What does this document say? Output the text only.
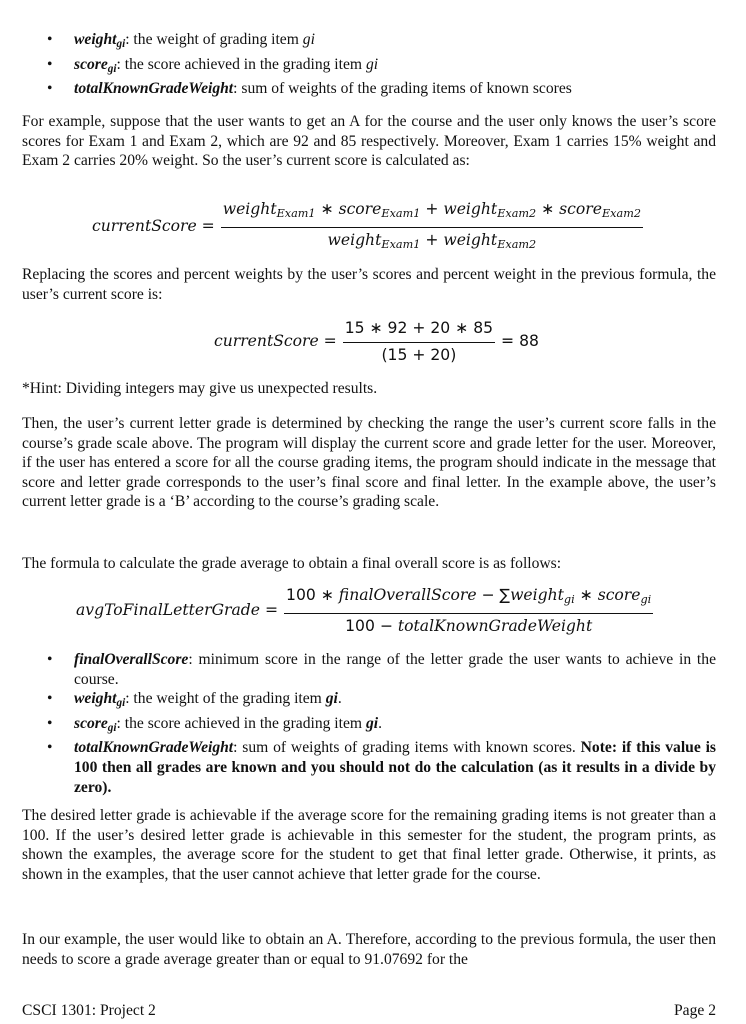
• weight$_{gi}$: the weight of grading item gi
• score$_{gi}$: the score achieved in the grading item gi
• totalKnownGradeWeight: sum of weights of the grading items of known scores
For example, suppose that the user wants to get an A for the course and the user only knows the user’s score scores for Exam 1 and Exam 2, which are 92 and 85 respectively. Moreover, Exam 1 carries 15% weight and Exam 2 carries 20% weight. So the user’s current score is calculated as:
currentScore = $\frac{weight_{Exam1} ∗ score_{Exam1} + weight_{Exam2} ∗ score_{Exam2}}{weight_{Exam1} + weight_{Exam2}}$
Replacing the scores and percent weights by the user’s scores and percent weight in the previous formula, the user’s current score is:
currentScore = $\frac{15 ∗ 92 + 20 ∗ 85}{(15 + 20)} = 88$
*Hint: Dividing integers may give us unexpected results.
Then, the user’s current letter grade is determined by checking the range the user’s current score falls in the course’s grade scale above. The program will display the current score and grade letter for the user. Moreover, if the user has entered a score for all the course grading items, the program should indicate in the message that score and letter grade corresponds to the user’s final score and final letter. In the example above, the user’s current letter grade is a ‘B’ according to the course’s grading scale.
The formula to calculate the grade average to obtain a final overall score is as follows:
avgToFinalLetterGrade = $\frac{100 ∗ finalOverallScore - \sum weight_{gi} ∗ score_{gi}}{\text{100 − totalKnownGradeWeight}}$
• finalOverallScore: minimum score in the range of the letter grade the user wants to achieve in the course.
• weight$_{gi}$: the weight of the grading item gi.
• score$_{gi}$: the score achieved in the grading item gi.
• totalKnownGradeWeight: sum of weights of grading items with known scores. Note: if this value is 100 then all grades are known and you should not do the calculation (as it results in a divide by zero).
The desired letter grade is achievable if the average score for the remaining grading items is not greater than a 100. If the user’s desired letter grade is achievable in this semester for the student, the program prints, as shown the examples, the average score for the student to get that final letter grade. Otherwise, it prints, as shown in the examples, that the user cannot achieve that letter grade for the course.
In our example, the user would like to obtain an A. Therefore, according to the previous formula, the user then needs to score a grade average greater than or equal to 91.07692 for the
CSCI 1301: Project 2	Page 2
